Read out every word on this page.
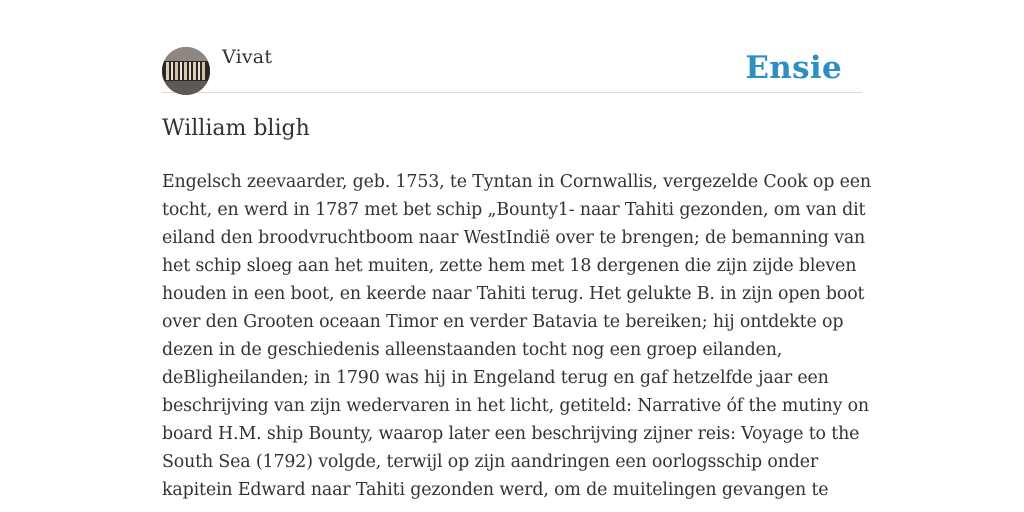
Vivat	Ensie
William bligh

Engelsch zeevaarder, geb. 1753, te Tyntan in Cornwallis, vergezelde Cook op een tocht, en werd in 1787 met bet schip „Bounty1- naar Tahiti gezonden, om van dit eiland den broodvruchtboom naar WestIndië over te brengen; de bemanning van het schip sloeg aan het muiten, zette hem met 18 dergenen die zijn zijde bleven houden in een boot, en keerde naar Tahiti terug. Het gelukte B. in zijn open boot over den Grooten oceaan Timor en verder Batavia te bereiken; hij ontdekte op dezen in de geschiedenis alleenstaanden tocht nog een groep eilanden, deBligheilanden; in 1790 was hij in Engeland terug en gaf hetzelfde jaar een beschrijving van zijn wedervaren in het licht, getiteld: Narrative óf the mutiny on board H.M. ship Bounty, waarop later een beschrijving zijner reis: Voyage to the South Sea (1792) volgde, terwijl op zijn aandringen een oorlogsschip onder kapitein Edward naar Tahiti gezonden werd, om de muitelingen gevangen te
